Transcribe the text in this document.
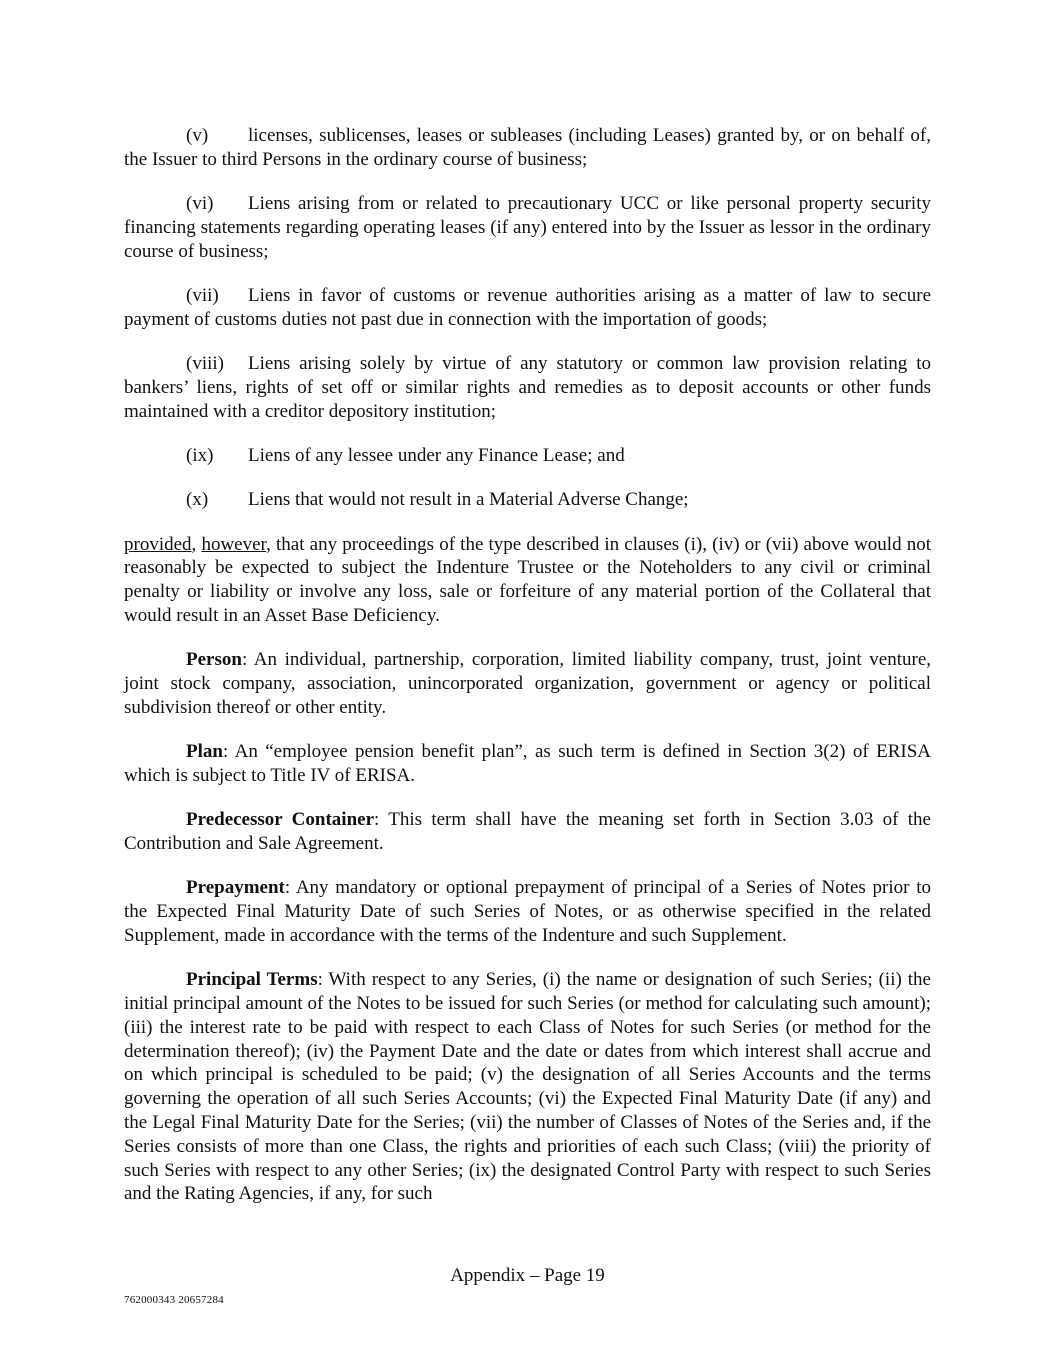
(v) licenses, sublicenses, leases or subleases (including Leases) granted by, or on behalf of, the Issuer to third Persons in the ordinary course of business;

(vi) Liens arising from or related to precautionary UCC or like personal property security financing statements regarding operating leases (if any) entered into by the Issuer as lessor in the ordinary course of business;

(vii) Liens in favor of customs or revenue authorities arising as a matter of law to secure payment of customs duties not past due in connection with the importation of goods;

(viii) Liens arising solely by virtue of any statutory or common law provision relating to bankers’ liens, rights of set off or similar rights and remedies as to deposit accounts or other funds maintained with a creditor depository institution;

(ix) Liens of any lessee under any Finance Lease; and

(x) Liens that would not result in a Material Adverse Change;

provided, however, that any proceedings of the type described in clauses (i), (iv) or (vii) above would not reasonably be expected to subject the Indenture Trustee or the Noteholders to any civil or criminal penalty or liability or involve any loss, sale or forfeiture of any material portion of the Collateral that would result in an Asset Base Deficiency.

Person: An individual, partnership, corporation, limited liability company, trust, joint venture, joint stock company, association, unincorporated organization, government or agency or political subdivision thereof or other entity.

Plan: An “employee pension benefit plan”, as such term is defined in Section 3(2) of ERISA which is subject to Title IV of ERISA.

Predecessor Container: This term shall have the meaning set forth in Section 3.03 of the Contribution and Sale Agreement.

Prepayment: Any mandatory or optional prepayment of principal of a Series of Notes prior to the Expected Final Maturity Date of such Series of Notes, or as otherwise specified in the related Supplement, made in accordance with the terms of the Indenture and such Supplement.

Principal Terms: With respect to any Series, (i) the name or designation of such Series; (ii) the initial principal amount of the Notes to be issued for such Series (or method for calculating such amount); (iii) the interest rate to be paid with respect to each Class of Notes for such Series (or method for the determination thereof); (iv) the Payment Date and the date or dates from which interest shall accrue and on which principal is scheduled to be paid; (v) the designation of all Series Accounts and the terms governing the operation of all such Series Accounts; (vi) the Expected Final Maturity Date (if any) and the Legal Final Maturity Date for the Series; (vii) the number of Classes of Notes of the Series and, if the Series consists of more than one Class, the rights and priorities of each such Class; (viii) the priority of such Series with respect to any other Series; (ix) the designated Control Party with respect to such Series and the Rating Agencies, if any, for such

Appendix – Page 19
762000343 20657284
